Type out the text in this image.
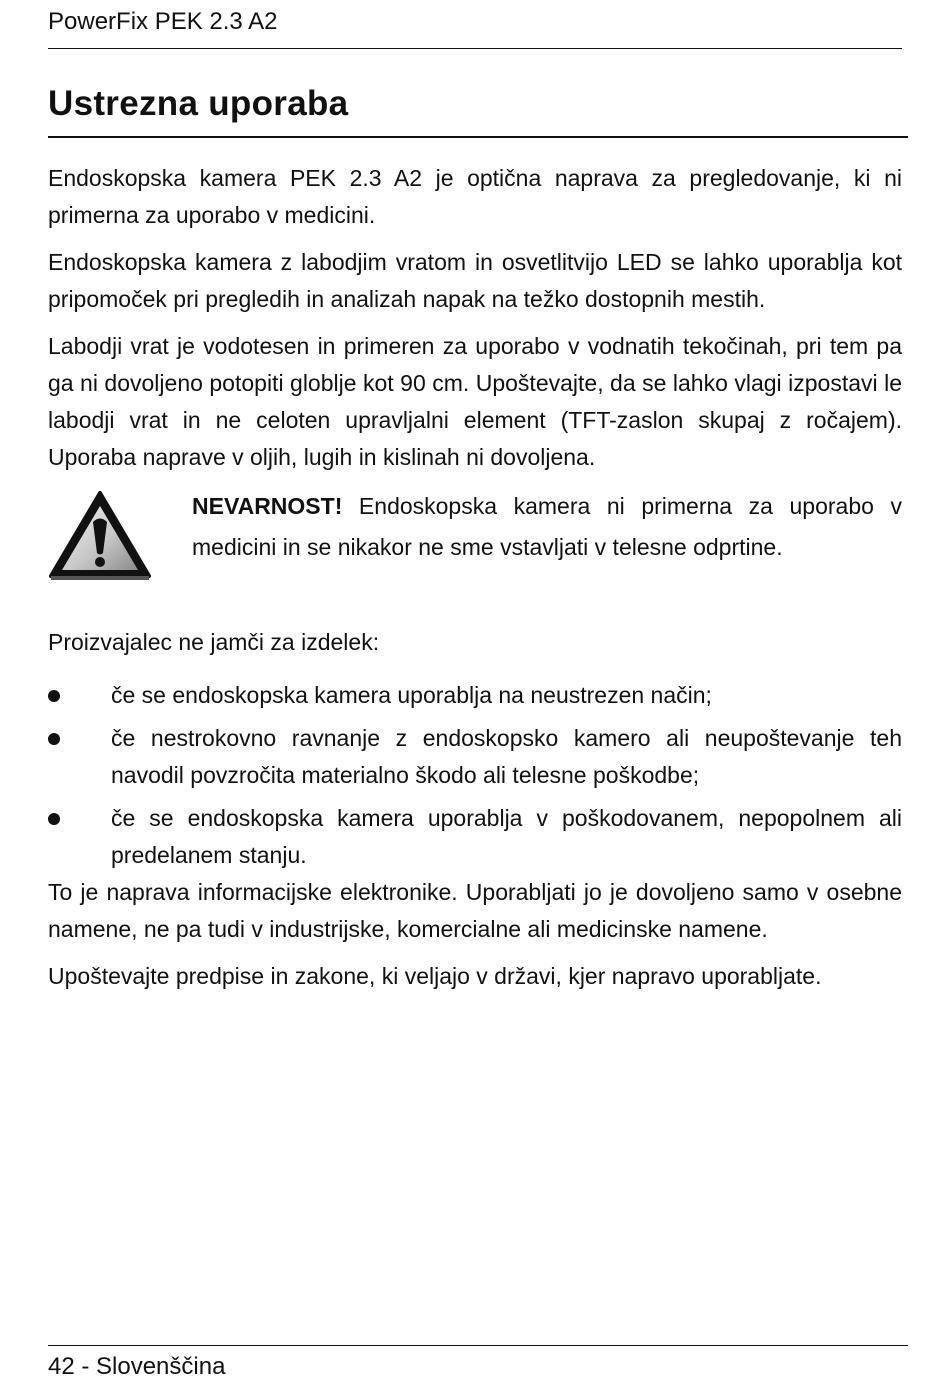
PowerFix PEK 2.3 A2
Ustrezna uporaba

Endoskopska kamera PEK 2.3 A2 je optična naprava za pregledovanje, ki ni primerna za uporabo v medicini.

Endoskopska kamera z labodjim vratom in osvetlitvijo LED se lahko uporablja kot pripomoček pri pregledih in analizah napak na težko dostopnih mestih.

Labodji vrat je vodotesen in primeren za uporabo v vodnatih tekočinah, pri tem pa ga ni dovoljeno potopiti globlje kot 90 cm. Upoštevajte, da se lahko vlagi izpostavi le labodji vrat in ne celoten upravljalni element (TFT-zaslon skupaj z ročajem). Uporaba naprave v oljih, lugih in kislinah ni dovoljena.

NEVARNOST! Endoskopska kamera ni primerna za uporabo v medicini in se nikakor ne sme vstavljati v telesne odprtine.

Proizvajalec ne jamči za izdelek:

če se endoskopska kamera uporablja na neustrezen način;
če nestrokovno ravnanje z endoskopsko kamero ali neupoštevanje teh navodil povzročita materialno škodo ali telesne poškodbe;
če se endoskopska kamera uporablja v poškodovanem, nepopolnem ali predelanem stanju.

To je naprava informacijske elektronike. Uporabljati jo je dovoljeno samo v osebne namene, ne pa tudi v industrijske, komercialne ali medicinske namene.

Upoštevajte predpise in zakone, ki veljajo v državi, kjer napravo uporabljate.

42 - Slovenščina
